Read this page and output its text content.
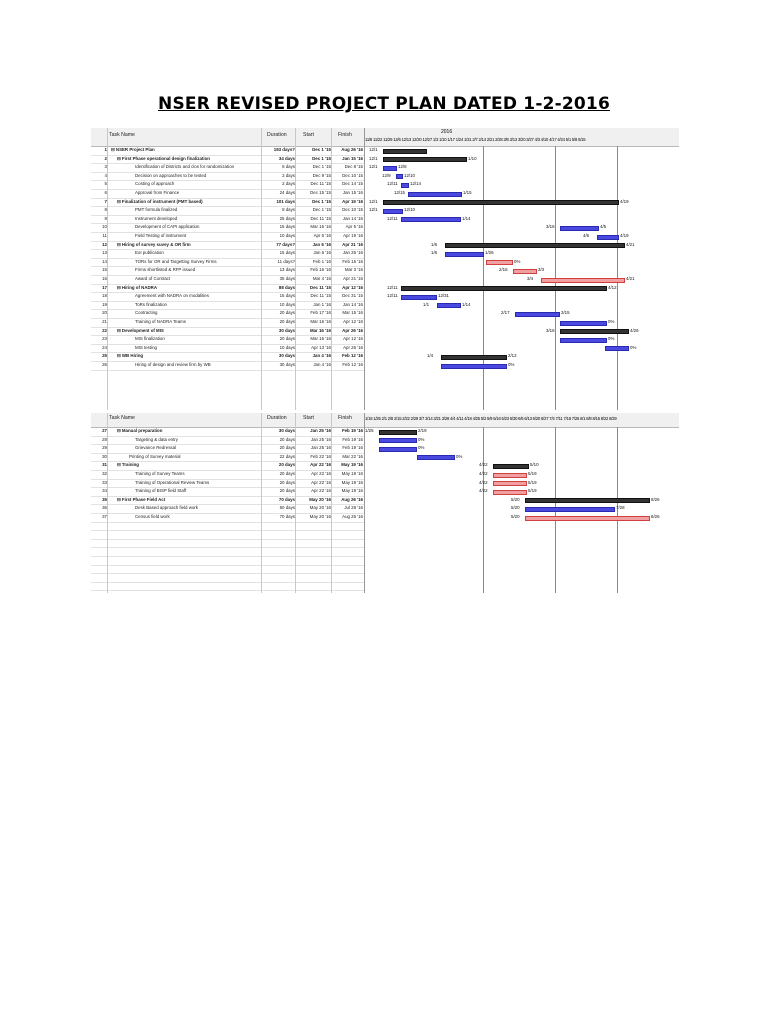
NSER REVISED PROJECT PLAN DATED 1-2-2016
Task Name	Duration	Start	Finish
1 ⊟ NSER Project Plan	193 days?	Dec 1 '15	Aug 26 '16
2 ⊟ First Phase operational design finalization	34 days	Dec 1 '15	Jan 15 '16
3	Identification of Districts and clos for randomization	6 days	Dec 1 '15	Dec 8 '15
4	Decision on approaches to be tested	2 days	Dec 9 '15	Dec 10 '15
5	Costing of approach	2 days	Dec 11 '15	Dec 14 '15
6	Approval from Finance	24 days	Dec 15 '15	Jan 15 '16
7 ⊟ Finalization of instrument (PMT based)	101 days	Dec 1 '15	Apr 19 '16
8	PMT formula finalized	8 days	Dec 1 '15	Dec 10 '15
9	Instrument developed	25 days	Dec 11 '15	Jan 14 '16
10	Development of CAPI application	15 days	Mar 16 '16	Apr 5 '16
11	Field Testing of instrument	10 days	Apr 6 '16	Apr 19 '16
12 ⊟ Hiring of survey suvey & OR firm	77 days?	Jan 6 '16	Apr 21 '16
13	EoI publication	15 days	Jan 6 '16	Jan 26 '16
14	TORs for OR and Targetting Survey Firms	11 days?	Feb 1 '16	Feb 15 '16
15	Firms shortlisted & RFP issued	13 days	Feb 16 '16	Mar 3 '16
16	Award of Contract	35 days	Mar 4 '16	Apr 21 '16
17 ⊟ Hiring of NADRA	88 days	Dec 11 '15	Apr 12 '16
18	Agreement with NADRA on modalities	15 days	Dec 11 '15	Dec 31 '15
19	ToRs finalization	10 days	Jan 1 '16	Jan 14 '16
20	Contracting	20 days	Feb 17 '16	Mar 15 '16
21	Training of NADRA Teams	20 days	Mar 16 '16	Apr 12 '16
22 ⊟ Development of MIS	30 days	Mar 16 '16	Apr 26 '16
23	MIS finalization	20 days	Mar 16 '16	Apr 12 '16
24	MIS testing	10 days	Apr 13 '16	Apr 26 '16
25 ⊟ WB Hiring	30 days	Jan 4 '16	Feb 12 '16
26	Hiring of design and review firm by WB	30 days	Jan 4 '16	Feb 12 '16
2016
11/8 11/22 11/29 12/6 12/13 12/20 12/27 1/3 1/10 1/17 1/24 1/31 2/7 2/14 2/21 2/28 3/6 3/13 3/20 3/27 4/3 4/10 4/17 4/24 5/1 5/8 5/15
12/1
12/1	1/10
12/1	12/8
12/9	12/10
12/11	12/14
12/15	1/15
12/1	4/19
12/1	12/10
12/11	1/14
3/16	4/5
4/6	4/19
1/6	4/21
1/6	1/26
0%
2/16	3/3
3/4	4/21
12/11	4/12
12/11	12/31
1/1	1/14
2/17	3/15
0%
3/16	4/26
0%
0%
1/4	2/12
0%
Task Name	Duration	Start	Finish
27 ⊟ Manual preparation	30 days	Jan 25 '16	Feb 19 '16
28	Targeting & data entry	20 days	Jan 25 '16	Feb 19 '16
29	Grievance Redressal	20 days	Jan 25 '16	Feb 19 '16
30	Printing of Survey material	22 days	Feb 22 '16	Mar 22 '16
31 ⊟ Training	20 days	Apr 22 '16	May 19 '16
32	Training of Survey Teams	20 days	Apr 22 '16	May 19 '16
33	Training of Operational Review Teams	20 days	Apr 22 '16	May 19 '16
34	Training of BISP field Staff	20 days	Apr 22 '16	May 19 '16
35 ⊟ First Phase Field Act	70 days	May 20 '16	Aug 26 '16
36	Desk Based approach field work	50 days	May 20 '16	Jul 28 '16
37	Census field work	70 days	May 20 '16	Aug 26 '16
1/18 1/25 2/1 2/8 2/15 2/22 2/29 3/7 3/14 3/21 3/28 4/4 4/11 4/18 4/25 5/2 5/9 5/16 5/23 5/30 6/6 6/13 6/20 6/27 7/4 7/11 7/18 7/25 8/1 8/8 8/15 8/22 8/29
1/25	2/19
0%
0%
0%
4/22	5/10
4/22	5/19
4/22	5/19
4/22	5/19
5/20	8/26
5/20	7/28
5/20	8/26
